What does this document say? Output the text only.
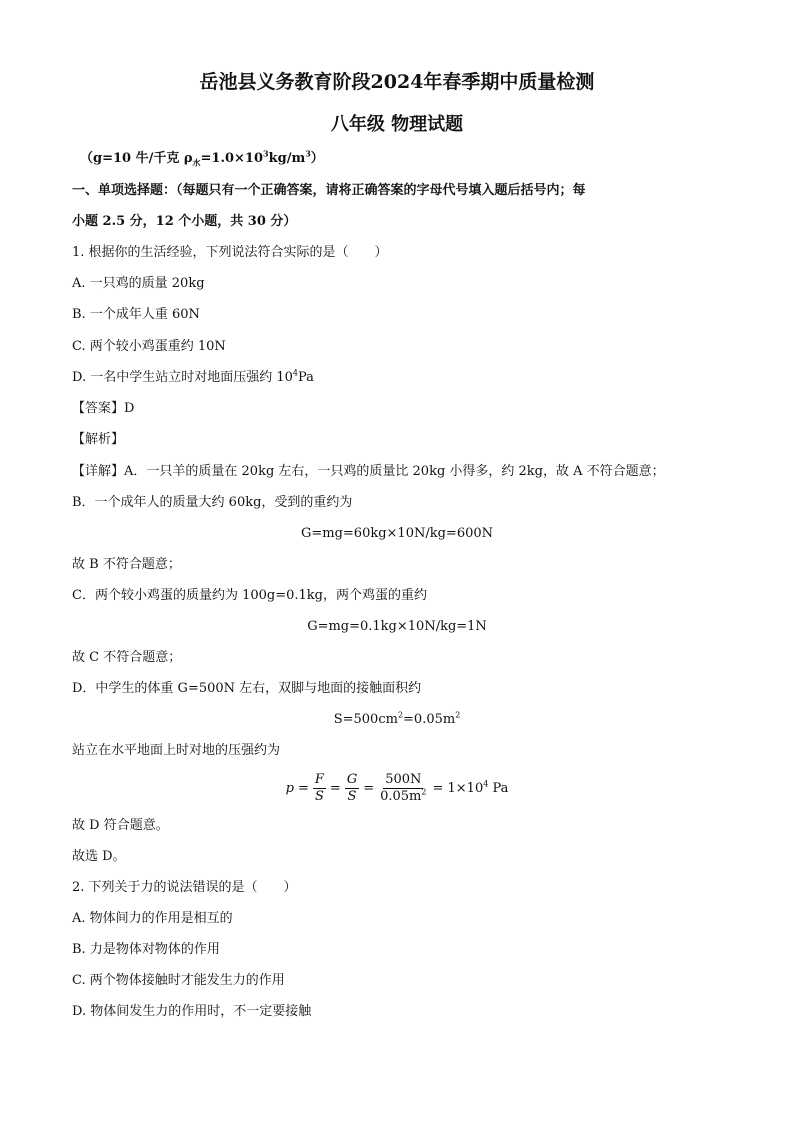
岳池县义务教育阶段2024年春季期中质量检测
八年级 物理试题
（g=10 牛/千克 $\rho_水=1.0\times 10^3kg/m^3$）
一、单项选择题：（每题只有一个正确答案，请将正确答案的字母代号填入题后括号内；每
小题 2.5 分，12 个小题，共 30 分）
1. 根据你的生活经验，下列说法符合实际的是（　　）
A. 一只鸡的质量 20kg
B. 一个成年人重 60N
C. 两个较小鸡蛋重约 10N
D. 一名中学生站立时对地面压强约 $10^4Pa$
【答案】D
【解析】
【详解】A．一只羊的质量在 20kg 左右，一只鸡的质量比 20kg 小得多，约 2kg，故 A 不符合题意；
B．一个成年人的质量大约 60kg，受到的重约为
G=mg=60kg×10N/kg=600N
故 B 不符合题意；
C．两个较小鸡蛋的质量约为 100g=0.1kg，两个鸡蛋的重约
G=mg=0.1kg×10N/kg=1N
故 C 不符合题意；
D．中学生的体重 G=500N 左右，双脚与地面的接触面积约
$S=500cm^2=0.05m^2$
站立在水平地面上时对地的压强约为
$p = \frac{F}{S} = \frac{G}{S} = \frac{500N}{0.05m^2} = 1\times 10^4$ Pa
故 D 符合题意。
故选 D。
2. 下列关于力的说法错误的是（　　）
A. 物体间力的作用是相互的
B. 力是物体对物体的作用
C. 两个物体接触时才能发生力的作用
D. 物体间发生力的作用时，不一定要接触
